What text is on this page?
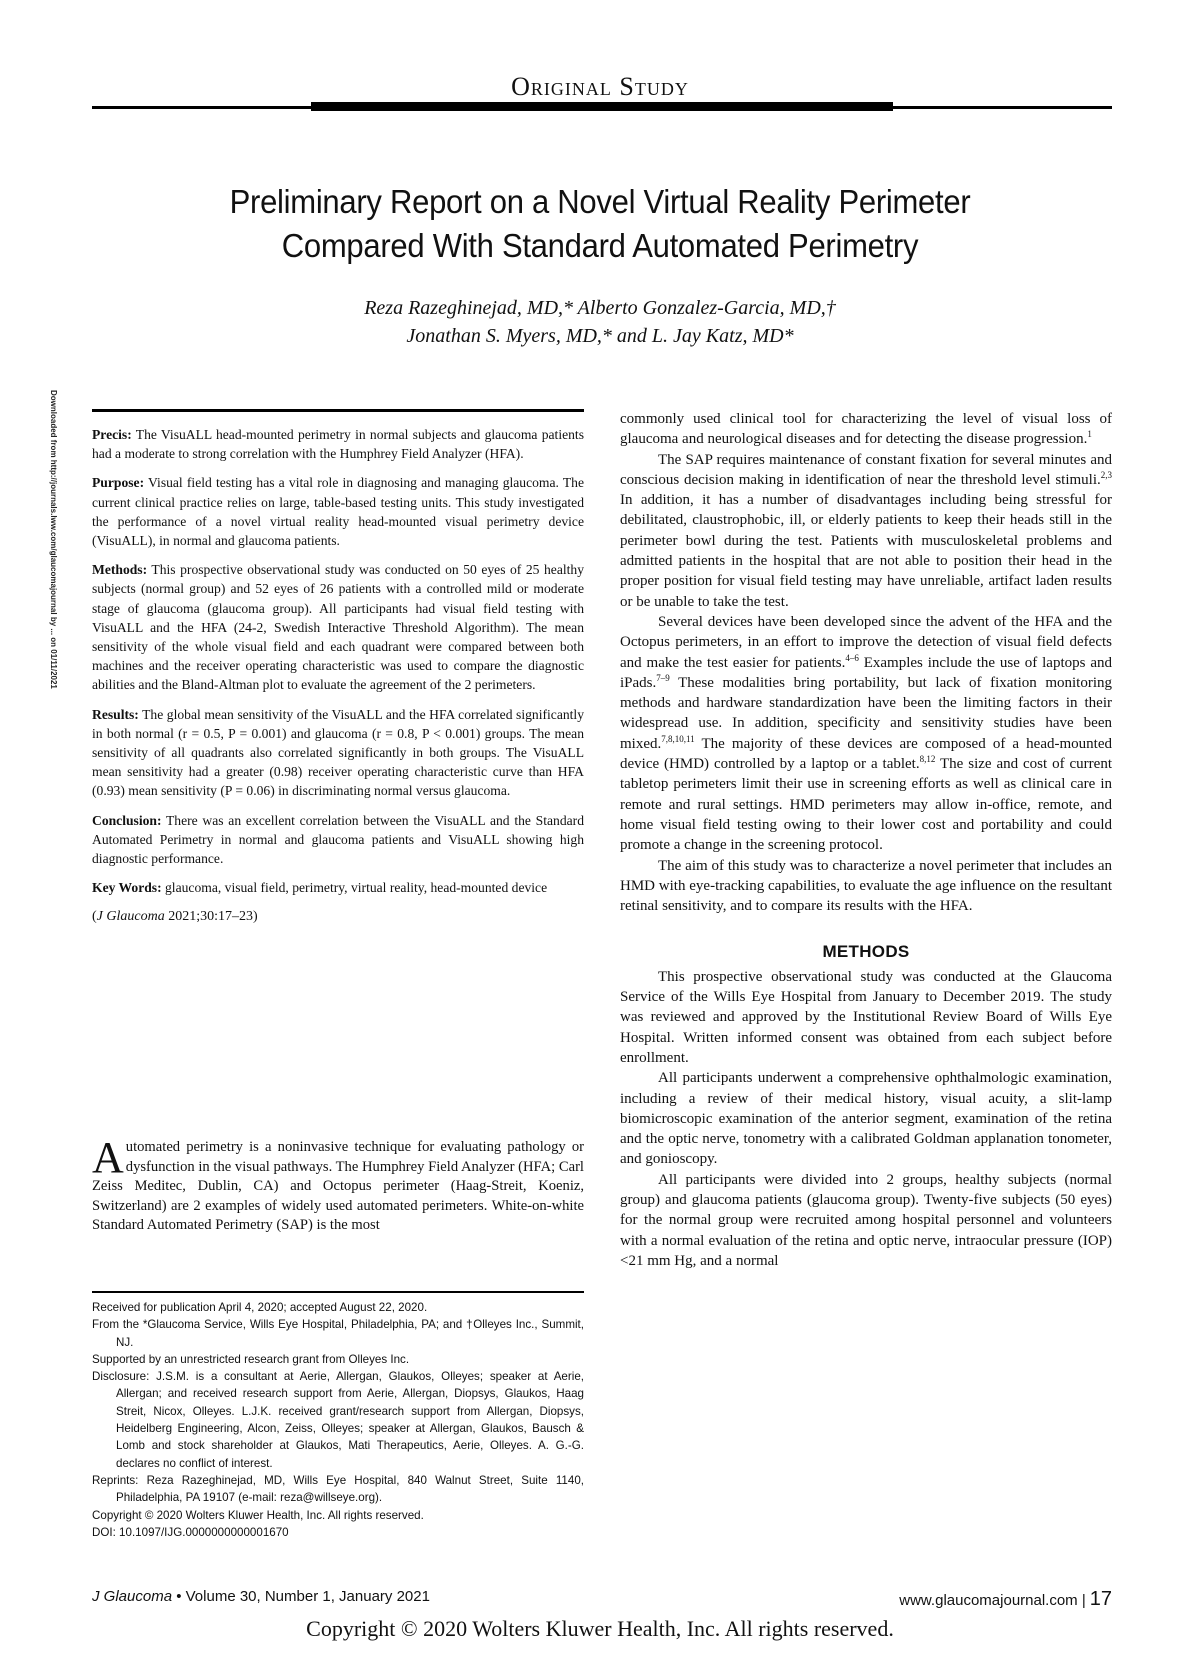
Original Study
Preliminary Report on a Novel Virtual Reality Perimeter
Compared With Standard Automated Perimetry
Reza Razeghinejad, MD,* Alberto Gonzalez-Garcia, MD,†
Jonathan S. Myers, MD,* and L. Jay Katz, MD*
Downloaded from http://journals.lww.com/glaucomajournal by ... on 01/11/2021	Precis: The VisuALL head-mounted perimetry in normal subjects and glaucoma patients had a moderate to strong correlation with the Humphrey Field Analyzer (HFA).

Purpose: Visual field testing has a vital role in diagnosing and managing glaucoma. The current clinical practice relies on large, table-based testing units. This study investigated the performance of a novel virtual reality head-mounted visual perimetry device (VisuALL), in normal and glaucoma patients.

Methods: This prospective observational study was conducted on 50 eyes of 25 healthy subjects (normal group) and 52 eyes of 26 patients with a controlled mild or moderate stage of glaucoma (glaucoma group). All participants had visual field testing with VisuALL and the HFA (24-2, Swedish Interactive Threshold Algorithm). The mean sensitivity of the whole visual field and each quadrant were compared between both machines and the receiver operating characteristic was used to compare the diagnostic abilities and the Bland-Altman plot to evaluate the agreement of the 2 perimeters.

Results: The global mean sensitivity of the VisuALL and the HFA correlated significantly in both normal (r = 0.5, P = 0.001) and glaucoma (r = 0.8, P < 0.001) groups. The mean sensitivity of all quadrants also correlated significantly in both groups. The VisuALL mean sensitivity had a greater (0.98) receiver operating characteristic curve than HFA (0.93) mean sensitivity (P = 0.06) in discriminating normal versus glaucoma.

Conclusion: There was an excellent correlation between the VisuALL and the Standard Automated Perimetry in normal and glaucoma patients and VisuALL showing high diagnostic performance.

Key Words: glaucoma, visual field, perimetry, virtual reality, head-mounted device

(J Glaucoma 2021;30:17–23)

Automated perimetry is a noninvasive technique for evaluating pathology or dysfunction in the visual pathways. The Humphrey Field Analyzer (HFA; Carl Zeiss Meditec, Dublin, CA) and Octopus perimeter (Haag-Streit, Koeniz, Switzerland) are 2 examples of widely used automated perimeters. White-on-white Standard Automated Perimetry (SAP) is the most

Received for publication April 4, 2020; accepted August 22, 2020.

From the *Glaucoma Service, Wills Eye Hospital, Philadelphia, PA; and †Olleyes Inc., Summit, NJ.

Supported by an unrestricted research grant from Olleyes Inc.

Disclosure: J.S.M. is a consultant at Aerie, Allergan, Glaukos, Olleyes; speaker at Aerie, Allergan; and received research support from Aerie, Allergan, Diopsys, Glaukos, Haag Streit, Nicox, Olleyes. L.J.K. received grant/research support from Allergan, Diopsys, Heidelberg Engineering, Alcon, Zeiss, Olleyes; speaker at Allergan, Glaukos, Bausch & Lomb and stock shareholder at Glaukos, Mati Therapeutics, Aerie, Olleyes. A. G.-G. declares no conflict of interest.

Reprints: Reza Razeghinejad, MD, Wills Eye Hospital, 840 Walnut Street, Suite 1140, Philadelphia, PA 19107 (e-mail: reza@willseye.org).

Copyright © 2020 Wolters Kluwer Health, Inc. All rights reserved.

DOI: 10.1097/IJG.0000000000001670

commonly used clinical tool for characterizing the level of visual loss of glaucoma and neurological diseases and for detecting the disease progression.$^1$

The SAP requires maintenance of constant fixation for several minutes and conscious decision making in identification of near the threshold level stimuli.$^{2,3}$ In addition, it has a number of disadvantages including being stressful for debilitated, claustrophobic, ill, or elderly patients to keep their heads still in the perimeter bowl during the test. Patients with musculoskeletal problems and admitted patients in the hospital that are not able to position their head in the proper position for visual field testing may have unreliable, artifact laden results or be unable to take the test.

Several devices have been developed since the advent of the HFA and the Octopus perimeters, in an effort to improve the detection of visual field defects and make the test easier for patients.$^{4-6}$ Examples include the use of laptops and iPads.$^{7-9}$ These modalities bring portability, but lack of fixation monitoring methods and hardware standardization have been the limiting factors in their widespread use. In addition, specificity and sensitivity studies have been mixed.$^{7,8,10,11}$ The majority of these devices are composed of a head-mounted device (HMD) controlled by a laptop or a tablet.$^{8,12}$ The size and cost of current tabletop perimeters limit their use in screening efforts as well as clinical care in remote and rural settings. HMD perimeters may allow in-office, remote, and home visual field testing owing to their lower cost and portability and could promote a change in the screening protocol.

The aim of this study was to characterize a novel perimeter that includes an HMD with eye-tracking capabilities, to evaluate the age influence on the resultant retinal sensitivity, and to compare its results with the HFA.

METHODS

This prospective observational study was conducted at the Glaucoma Service of the Wills Eye Hospital from January to December 2019. The study was reviewed and approved by the Institutional Review Board of Wills Eye Hospital. Written informed consent was obtained from each subject before enrollment.

All participants underwent a comprehensive ophthalmologic examination, including a review of their medical history, visual acuity, a slit-lamp biomicroscopic examination of the anterior segment, examination of the retina and the optic nerve, tonometry with a calibrated Goldman applanation tonometer, and gonioscopy.

All participants were divided into 2 groups, healthy subjects (normal group) and glaucoma patients (glaucoma group). Twenty-five subjects (50 eyes) for the normal group were recruited among hospital personnel and volunteers with a normal evaluation of the retina and optic nerve, intraocular pressure (IOP) <21 mm Hg, and a normal

J Glaucoma • Volume 30, Number 1, January 2021	www.glaucomajournal.com | 17
Copyright © 2020 Wolters Kluwer Health, Inc. All rights reserved.
